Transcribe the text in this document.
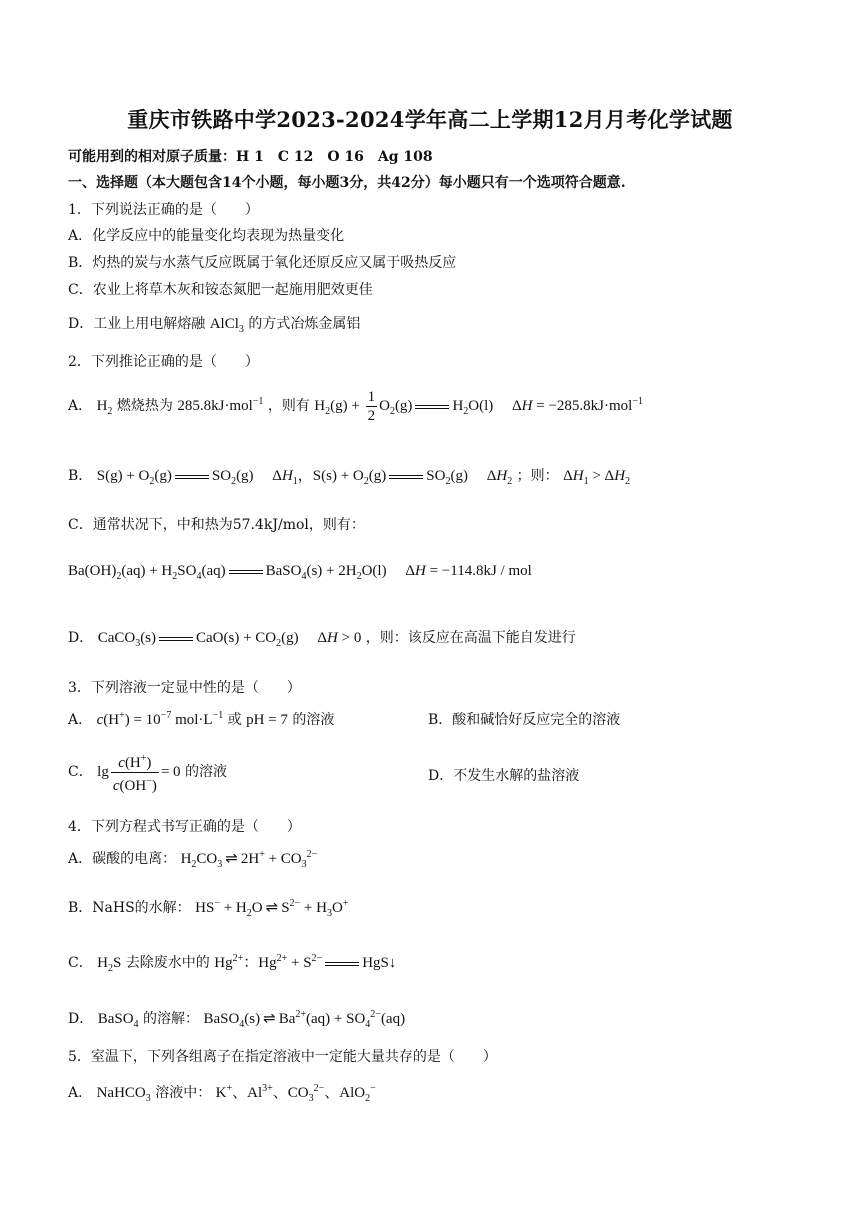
重庆市铁路中学2023-2024学年高二上学期12月月考化学试题
可能用到的相对原子质量：H 1　C 12　O 16　Ag 108
一、选择题（本大题包含14个小题，每小题3分，共42分）每小题只有一个选项符合题意.
1．下列说法正确的是（　　）
A．化学反应中的能量变化均表现为热量变化
B．灼热的炭与水蒸气反应既属于氧化还原反应又属于吸热反应
C．农业上将草木灰和铵态氮肥一起施用肥效更佳
D．工业上用电解熔融 AlCl$_3$ 的方式冶炼金属铝
2．下列推论正确的是（　　）
A． $H_2$ 燃烧热为 285.8kJ·mol$^{-1}$ ，则有 $H_2(g) + \frac{1}{2} O_2(g)$	$H_2O(l)$　 ΔH = −285.8kJ·mol$^{-1}$
B． $S(g) + O_2(g)$	$SO_2(g)$　 $\Delta H_1$，$S(s) + O_2(g)$	$SO_2(g)$　 $\Delta H_2$ ；则： $\Delta H_1 > \Delta H_2$
C．通常状况下，中和热为57.4kJ/mol，则有：
$Ba(OH)_2(aq) + H_2SO_4(aq)$	BaSO$_4$(s) + $2H_2O(l)$　 ΔH = −114.8kJ / mol
D． CaCO$_3$(s)	$CaO(s) + CO_2(g)$　 ΔH > 0 ，则：该反应在高温下能自发进行
3．下列溶液一定显中性的是（　　）
A． $c(H^+) = 10^{-7}$ $mol\cdot L^{-1}$ 或 pH = 7 的溶液	B．酸和碱恰好反应完全的溶液
C． $\lg \frac{c(H^+)}{c(OH^-)} = 0$ 的溶液	D．不发生水解的盐溶液
4．下列方程式书写正确的是（　　）
A．碳酸的电离： $H_2CO_3$ ⇌ $2H^+ + CO_3^{2-}$
B．NaHS的水解： $HS^- + H_2O$ ⇌ $S^{2-} + H_3O^+$
C． $H_2S$ 去除废水中的 $Hg^{2+}$：$Hg^{2+} + S^{2-}$	HgS↓
D． BaSO$_4$ 的溶解： BaSO$_4$(s) ⇌ $Ba^{2+}(aq) + SO_4^{2-}(aq)$
5．室温下，下列各组离子在指定溶液中一定能大量共存的是（　　）
A． NaHCO$_3$ 溶液中： K+、$Al^{3+}$、$CO_3^{2-}$、AlO$_2$−
